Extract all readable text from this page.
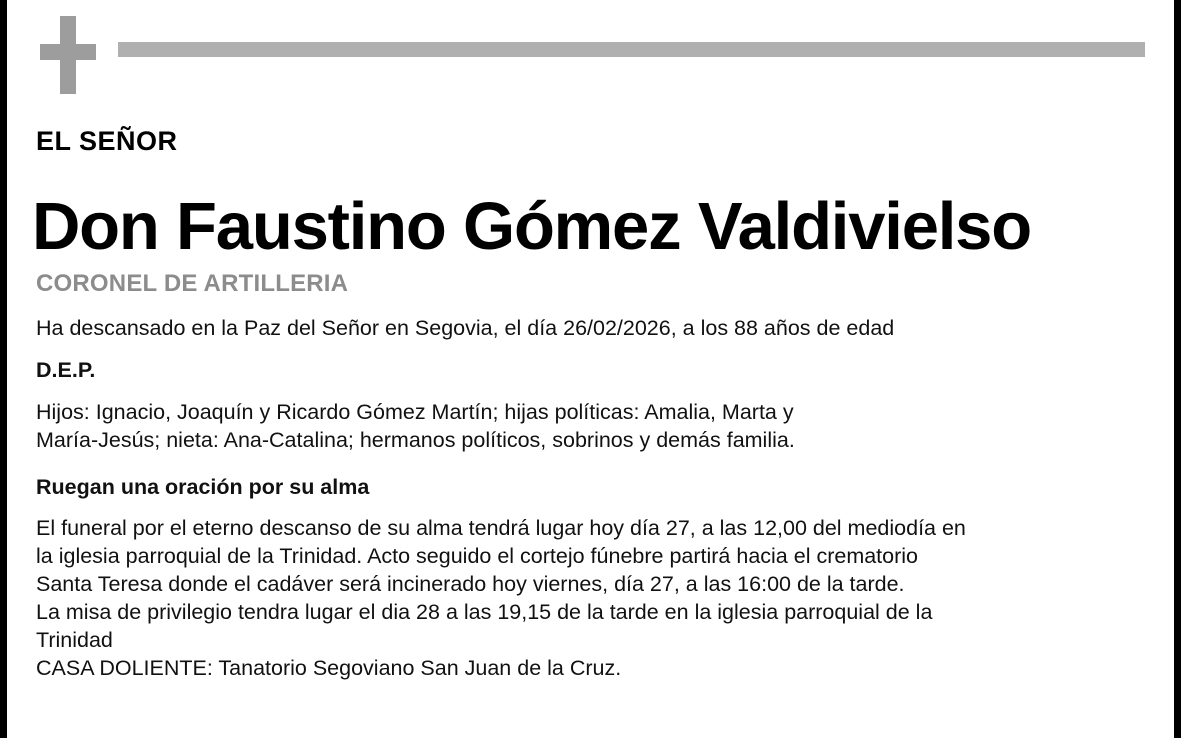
EL SEÑOR
Don Faustino Gómez Valdivielso
CORONEL DE ARTILLERIA
Ha descansado en la Paz del Señor en Segovia, el día 26/02/2026, a los 88 años de edad
D.E.P.
Hijos: Ignacio, Joaquín y Ricardo Gómez Martín; hijas políticas: Amalia, Marta y
María-Jesús; nieta: Ana-Catalina; hermanos políticos, sobrinos y demás familia.
Ruegan una oración por su alma
El funeral por el eterno descanso de su alma tendrá lugar hoy día 27, a las 12,00 del mediodía en
la iglesia parroquial de la Trinidad. Acto seguido el cortejo fúnebre partirá hacia el crematorio
Santa Teresa donde el cadáver será incinerado hoy viernes, día 27, a las 16:00 de la tarde.
La misa de privilegio tendra lugar el dia 28 a las 19,15 de la tarde en la iglesia parroquial de la
Trinidad
CASA DOLIENTE: Tanatorio Segoviano San Juan de la Cruz.
